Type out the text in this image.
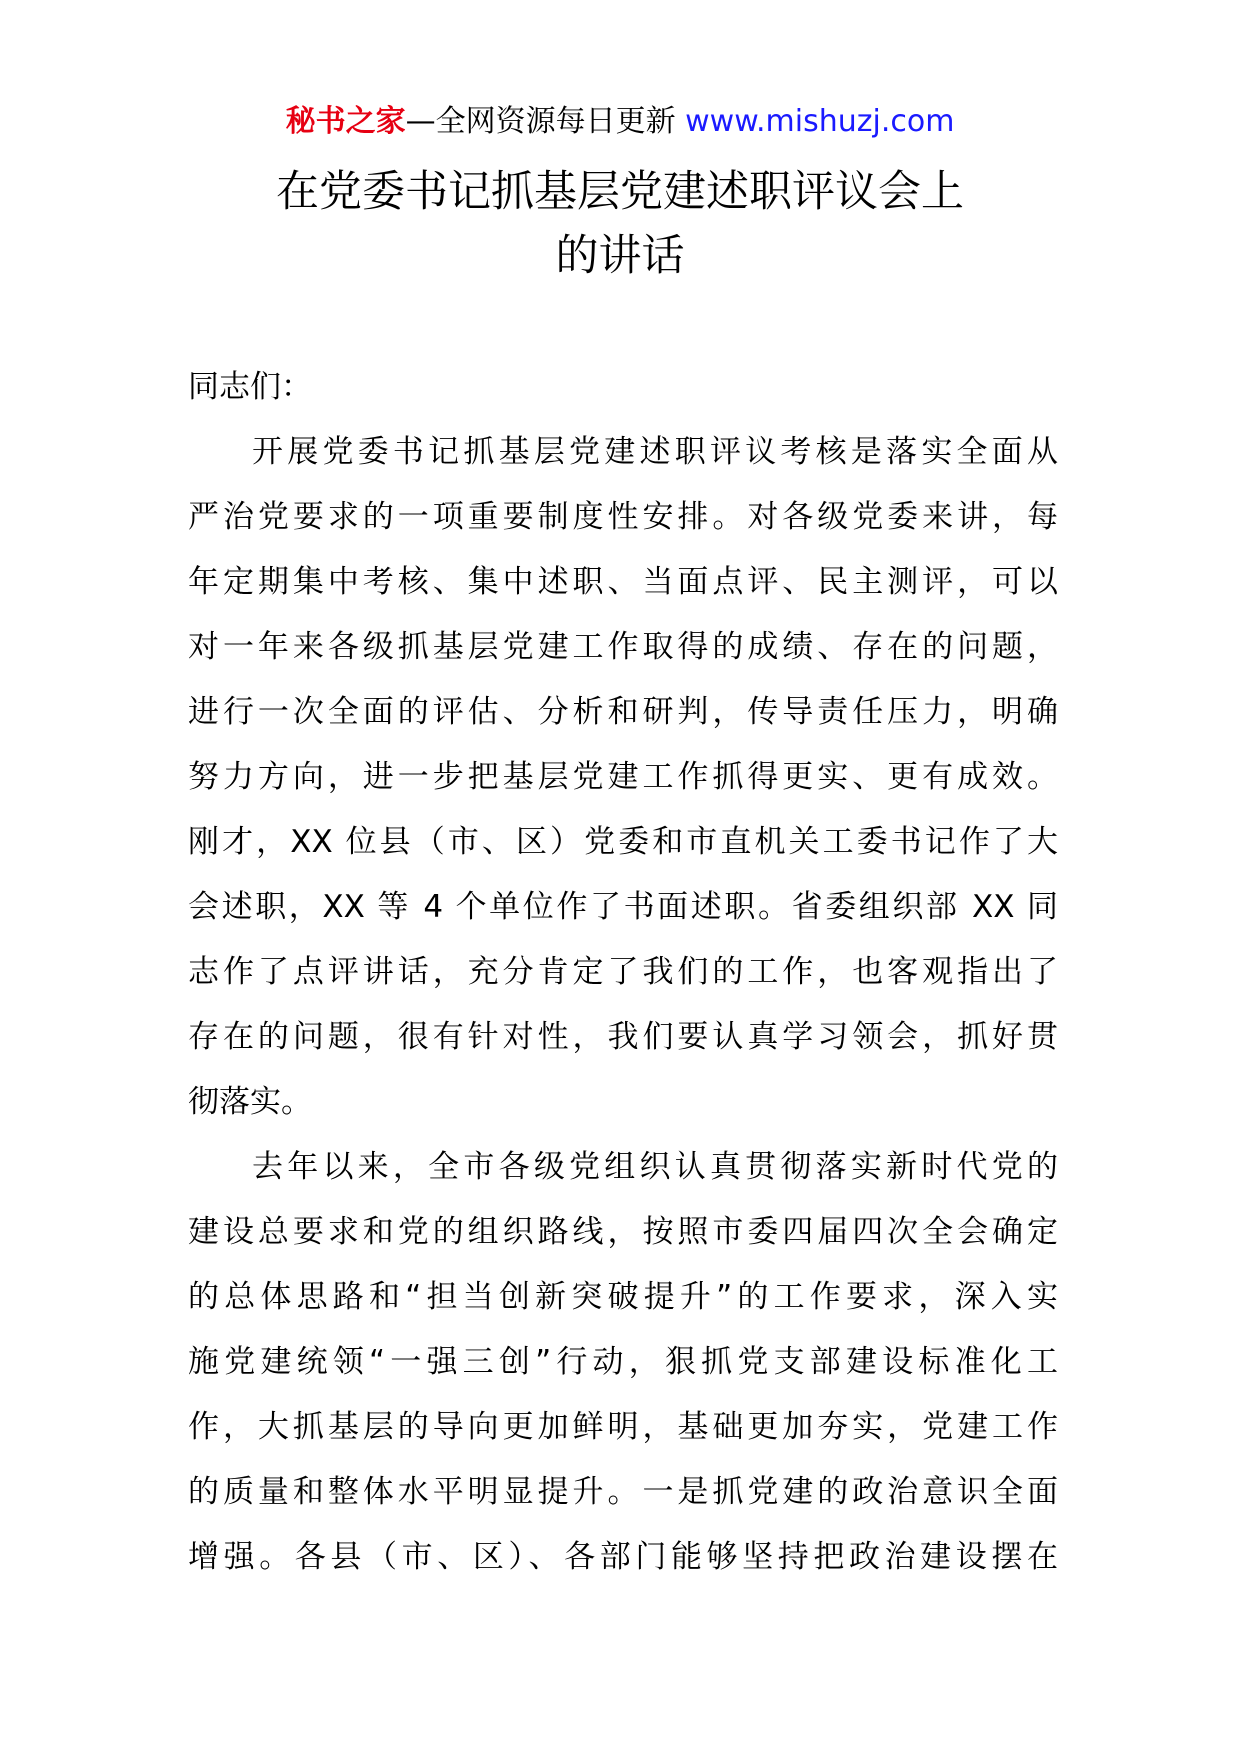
秘书之家—全网资源每日更新 www.mishuzj.com
在党委书记抓基层党建述职评议会上
的讲话

同志们：

开展党委书记抓基层党建述职评议考核是落实全面从
严治党要求的一项重要制度性安排。对各级党委来讲，每
年定期集中考核、集中述职、当面点评、民主测评，可以
对一年来各级抓基层党建工作取得的成绩、存在的问题，
进行一次全面的评估、分析和研判，传导责任压力，明确
努力方向，进一步把基层党建工作抓得更实、更有成效。
刚才，XX 位县（市、区）党委和市直机关工委书记作了大
会述职，XX 等 4 个单位作了书面述职。省委组织部 XX 同
志作了点评讲话，充分肯定了我们的工作，也客观指出了
存在的问题，很有针对性，我们要认真学习领会，抓好贯
彻落实。

去年以来，全市各级党组织认真贯彻落实新时代党的
建设总要求和党的组织路线，按照市委四届四次全会确定
的总体思路和“担当创新突破提升”的工作要求，深入实
施党建统领“一强三创”行动，狠抓党支部建设标准化工
作，大抓基层的导向更加鲜明，基础更加夯实，党建工作
的质量和整体水平明显提升。一是抓党建的政治意识全面
增强。各县（市、区）、各部门能够坚持把政治建设摆在
